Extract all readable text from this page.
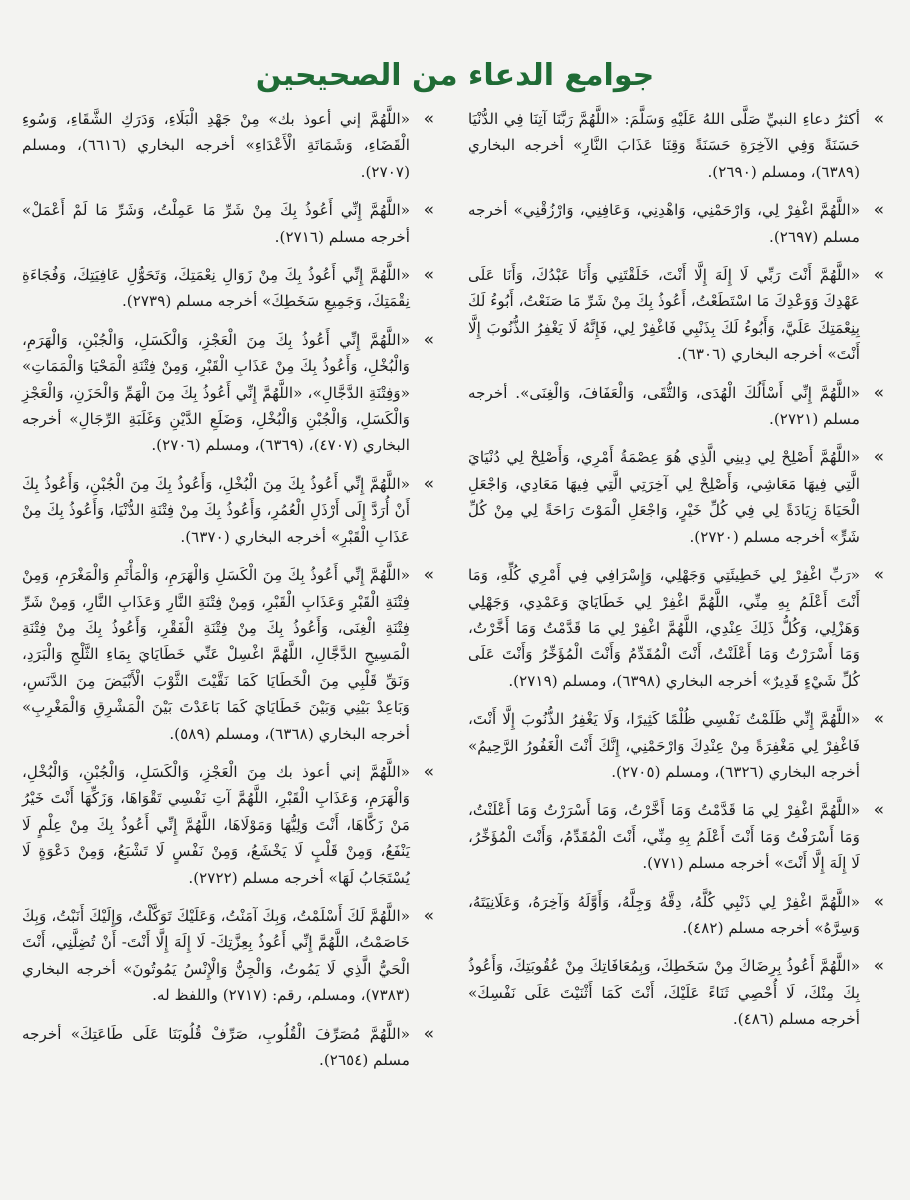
جوامع الدعاء من الصحيحين
»
أكثرُ دعاءِ النبيِّ صَلَّى اللهُ عَلَيْهِ وَسَلَّمَ: «اللَّهُمَّ رَبَّنَا آتِنَا فِي الدُّنْيَا حَسَنَةً وَفِي الآخِرَةِ حَسَنَةً وَقِنَا عَذَابَ النَّارِ» أخرجه البخاري (٦٣٨٩)، ومسلم (٢٦٩٠).
»
«اللَّهُمَّ اغْفِرْ لِي، وَارْحَمْنِي، وَاهْدِنِي، وَعَافِنِي، وَارْزُقْنِي» أخرجه مسلم (٢٦٩٧).
»
«اللَّهُمَّ أَنْتَ رَبِّي لَا إِلَهَ إِلَّا أَنْتَ، خَلَقْتَنِي وَأَنَا عَبْدُكَ، وَأَنَا عَلَى عَهْدِكَ وَوَعْدِكَ مَا اسْتَطَعْتُ، أَعُوذُ بِكَ مِنْ شَرِّ مَا صَنَعْتُ، أَبُوءُ لَكَ بِنِعْمَتِكَ عَلَيَّ، وَأَبُوءُ لَكَ بِذَنْبِي فَاغْفِرْ لِي، فَإِنَّهُ لَا يَغْفِرُ الذُّنُوبَ إِلَّا أَنْتَ» أخرجه البخاري (٦٣٠٦).
»
«اللَّهُمَّ إِنِّي أَسْأَلُكَ الْهُدَى، وَالتُّقَى، وَالْعَفَافَ، وَالْغِنَى». أخرجه مسلم (٢٧٢١).
»
«اللَّهُمَّ أَصْلِحْ لِي دِينِي الَّذِي هُوَ عِصْمَةُ أَمْرِي، وَأَصْلِحْ لِي دُنْيَايَ الَّتِي فِيهَا مَعَاشِي، وَأَصْلِحْ لِي آخِرَتِي الَّتِي فِيهَا مَعَادِي، وَاجْعَلِ الْحَيَاةَ زِيَادَةً لِي فِي كُلِّ خَيْرٍ، وَاجْعَلِ الْمَوْتَ رَاحَةً لِي مِنْ كُلِّ شَرٍّ» أخرجه مسلم (٢٧٢٠).
»
«رَبِّ اغْفِرْ لِي خَطِيئَتِي وَجَهْلِي، وَإِسْرَافِي فِي أَمْرِي كُلِّهِ، وَمَا أَنْتَ أَعْلَمُ بِهِ مِنِّي، اللَّهُمَّ اغْفِرْ لِي خَطَايَايَ وَعَمْدِي، وَجَهْلِي وَهَزْلِي، وَكُلُّ ذَلِكَ عِنْدِي، اللَّهُمَّ اغْفِرْ لِي مَا قَدَّمْتُ وَمَا أَخَّرْتُ، وَمَا أَسْرَرْتُ وَمَا أَعْلَنْتُ، أَنْتَ الْمُقَدِّمُ وَأَنْتَ الْمُؤَخِّرُ وَأَنْتَ عَلَى كُلِّ شَيْءٍ قَدِيرٌ» أخرجه البخاري (٦٣٩٨)، ومسلم (٢٧١٩).
»
«اللَّهُمَّ إِنِّي ظَلَمْتُ نَفْسِي ظُلْمًا كَثِيرًا، وَلَا يَغْفِرُ الذُّنُوبَ إِلَّا أَنْتَ، فَاغْفِرْ لِي مَغْفِرَةً مِنْ عِنْدِكَ وَارْحَمْنِي، إِنَّكَ أَنْتَ الْغَفُورُ الرَّحِيمُ» أخرجه البخاري (٦٣٢٦)، ومسلم (٢٧٠٥).
»
«اللَّهُمَّ اغْفِرْ لِي مَا قَدَّمْتُ وَمَا أَخَّرْتُ، وَمَا أَسْرَرْتُ وَمَا أَعْلَنْتُ، وَمَا أَسْرَفْتُ وَمَا أَنْتَ أَعْلَمُ بِهِ مِنِّي، أَنْتَ الْمُقَدِّمُ، وَأَنْتَ الْمُؤَخِّرُ، لَا إِلَهَ إِلَّا أَنْتَ» أخرجه مسلم (٧٧١).
»
«اللَّهُمَّ اغْفِرْ لِي ذَنْبِي كُلَّهُ، دِقَّهُ وَجِلَّهُ، وَأَوَّلَهُ وَآخِرَهُ، وَعَلَانِيَتَهُ، وَسِرَّهُ» أخرجه مسلم (٤٨٢).
»
«اللَّهُمَّ أَعُوذُ بِرِضَاكَ مِنْ سَخَطِكَ، وَبِمُعَافَاتِكَ مِنْ عُقُوبَتِكَ، وَأَعُوذُ بِكَ مِنْكَ، لَا أُحْصِي ثَنَاءً عَلَيْكَ، أَنْتَ كَمَا أَثْنَيْتَ عَلَى نَفْسِكَ» أخرجه مسلم (٤٨٦).
»
«اللَّهُمَّ إني أعوذ بك» مِنْ جَهْدِ الْبَلَاءِ، وَدَرَكِ الشَّقَاءِ، وَسُوءِ الْقَضَاءِ، وَشَمَاتَةِ الْأَعْدَاءِ» أخرجه البخاري (٦٦١٦)، ومسلم (٢٧٠٧).
»
«اللَّهُمَّ إِنِّي أَعُوذُ بِكَ مِنْ شَرِّ مَا عَمِلْتُ، وَشَرِّ مَا لَمْ أَعْمَلْ» أخرجه مسلم (٢٧١٦).
»
«اللَّهُمَّ إِنِّي أَعُوذُ بِكَ مِنْ زَوَالِ نِعْمَتِكَ، وَتَحَوُّلِ عَافِيَتِكَ، وَفُجَاءَةِ نِقْمَتِكَ، وَجَمِيعِ سَخَطِكَ» أخرجه مسلم (٢٧٣٩).
»
«اللَّهُمَّ إِنِّي أَعُوذُ بِكَ مِنَ الْعَجْزِ، وَالْكَسَلِ، وَالْجُبْنِ، وَالْهَرَمِ، وَالْبُخْلِ، وَأَعُوذُ بِكَ مِنْ عَذَابِ الْقَبْرِ، وَمِنْ فِتْنَةِ الْمَحْيَا وَالْمَمَاتِ» «وَفِتْنَةِ الدَّجَّالِ»، «اللَّهُمَّ إِنِّي أَعُوذُ بِكَ مِنَ الْهَمِّ وَالْحَزَنِ، وَالْعَجْزِ وَالْكَسَلِ، وَالْجُبْنِ وَالْبُخْلِ، وَضَلَعِ الدَّيْنِ وَغَلَبَةِ الرِّجَالِ» أخرجه البخاري (٤٧٠٧)، (٦٣٦٩)، ومسلم (٢٧٠٦).
»
«اللَّهُمَّ إِنِّي أَعُوذُ بِكَ مِنَ الْبُخْلِ، وَأَعُوذُ بِكَ مِنَ الْجُبْنِ، وَأَعُوذُ بِكَ أَنْ أُرَدَّ إِلَى أَرْذَلِ الْعُمُرِ، وَأَعُوذُ بِكَ مِنْ فِتْنَةِ الدُّنْيَا، وَأَعُوذُ بِكَ مِنْ عَذَابِ الْقَبْرِ» أخرجه البخاري (٦٣٧٠).
»
«اللَّهُمَّ إِنِّي أَعُوذُ بِكَ مِنَ الْكَسَلِ وَالْهَرَمِ، وَالْمَأْثَمِ وَالْمَغْرَمِ، وَمِنْ فِتْنَةِ الْقَبْرِ وَعَذَابِ الْقَبْرِ، وَمِنْ فِتْنَةِ النَّارِ وَعَذَابِ النَّارِ، وَمِنْ شَرِّ فِتْنَةِ الْغِنَى، وَأَعُوذُ بِكَ مِنْ فِتْنَةِ الْفَقْرِ، وَأَعُوذُ بِكَ مِنْ فِتْنَةِ الْمَسِيحِ الدَّجَّالِ، اللَّهُمَّ اغْسِلْ عَنِّي خَطَايَايَ بِمَاءِ الثَّلْجِ وَالْبَرَدِ، وَنَقِّ قَلْبِي مِنَ الْخَطَايَا كَمَا نَقَّيْتَ الثَّوْبَ الْأَبْيَضَ مِنَ الدَّنَسِ، وَبَاعِدْ بَيْنِي وَبَيْنَ خَطَايَايَ كَمَا بَاعَدْتَ بَيْنَ الْمَشْرِقِ وَالْمَغْرِبِ» أخرجه البخاري (٦٣٦٨)، ومسلم (٥٨٩).
»
«اللَّهُمَّ إني أعوذ بك مِنَ الْعَجْزِ، وَالْكَسَلِ، وَالْجُبْنِ، وَالْبُخْلِ، وَالْهَرَمِ، وَعَذَابِ الْقَبْرِ، اللَّهُمَّ آتِ نَفْسِي تَقْوَاهَا، وَزَكِّهَا أَنْتَ خَيْرُ مَنْ زَكَّاهَا، أَنْتَ وَلِيُّهَا وَمَوْلَاهَا، اللَّهُمَّ إِنِّي أَعُوذُ بِكَ مِنْ عِلْمٍ لَا يَنْفَعُ، وَمِنْ قَلْبٍ لَا يَخْشَعُ، وَمِنْ نَفْسٍ لَا تَشْبَعُ، وَمِنْ دَعْوَةٍ لَا يُسْتَجَابُ لَهَا» أخرجه مسلم (٢٧٢٢).
»
«اللَّهُمَّ لَكَ أَسْلَمْتُ، وَبِكَ آمَنْتُ، وَعَلَيْكَ تَوَكَّلْتُ، وَإِلَيْكَ أَنَبْتُ، وَبِكَ خَاصَمْتُ، اللَّهُمَّ إِنِّي أَعُوذُ بِعِزَّتِكَ- لَا إِلَهَ إِلَّا أَنْتَ- أَنْ تُضِلَّنِي، أَنْتَ الْحَيُّ الَّذِي لَا يَمُوتُ، وَالْجِنُّ وَالْإِنْسُ يَمُوتُونَ» أخرجه البخاري (٧٣٨٣)، ومسلم، رقم: (٢٧١٧) واللفظ له.
»
«اللَّهُمَّ مُصَرِّفَ الْقُلُوبِ، صَرِّفْ قُلُوبَنَا عَلَى طَاعَتِكَ» أخرجه مسلم (٢٦٥٤).
